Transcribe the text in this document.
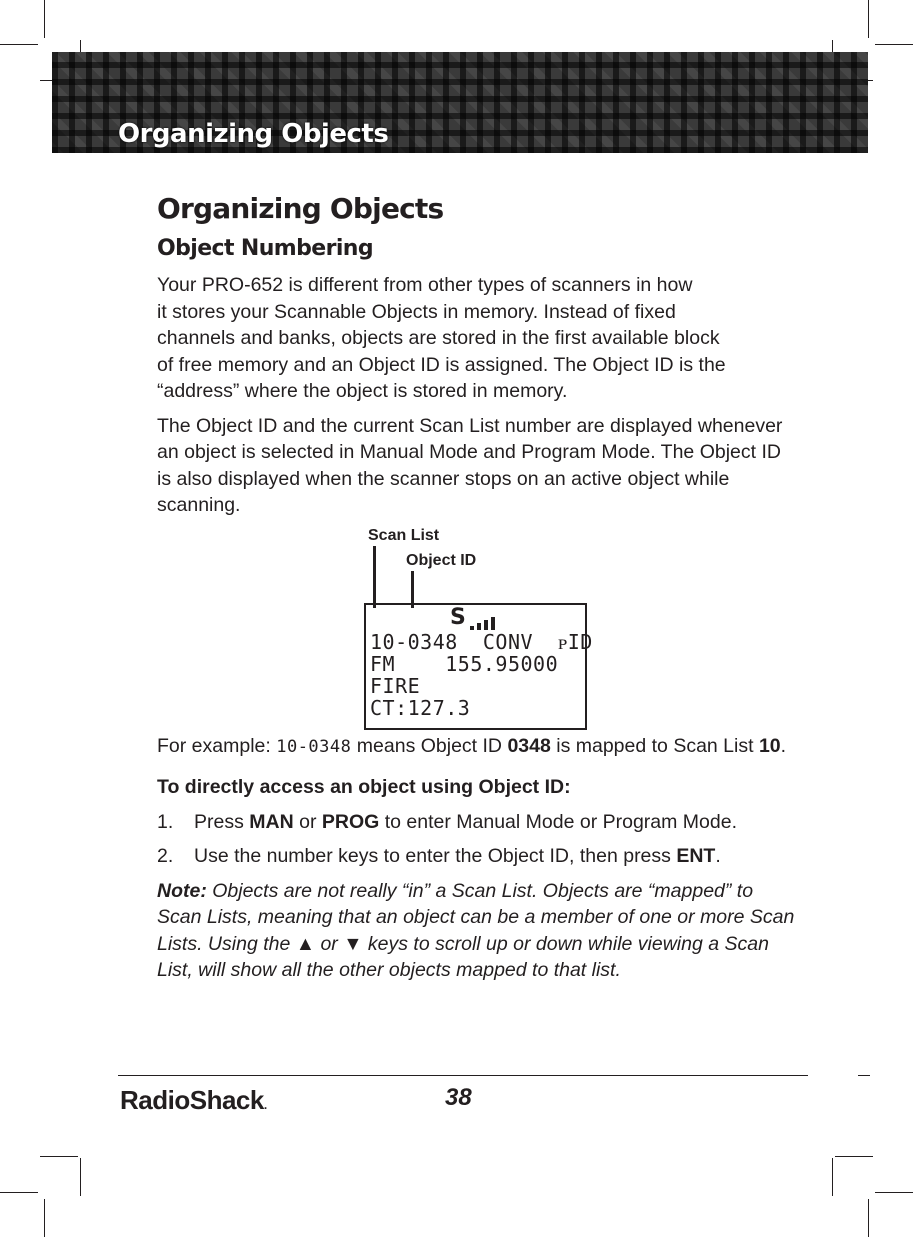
Organizing Objects
Organizing Objects
Object Numbering

Your PRO-652 is different from other types of scanners in how
it stores your Scannable Objects in memory. Instead of fixed
channels and banks, objects are stored in the first available block
of free memory and an Object ID is assigned. The Object ID is the
“address” where the object is stored in memory.

The Object ID and the current Scan List number are displayed whenever an object is selected in Manual Mode and Program Mode. The Object ID is also displayed when the scanner stops on an active object while scanning.

Scan List
Object ID
S
10-0348  CONV  ᴩID
FM    155.95000
FIRE
CT:127.3

For example: 10-0348 means Object ID 0348 is mapped to Scan List 10.

To directly access an object using Object ID:

1.	Press MAN or PROG to enter Manual Mode or Program Mode.
2.	Use the number keys to enter the Object ID, then press ENT.

Note: Objects are not really “in” a Scan List. Objects are “mapped” to Scan Lists, meaning that an object can be a member of one or more Scan Lists. Using the ▲ or ▼ keys to scroll up or down while viewing a Scan List, will show all the other objects mapped to that list.

RadioShack.	38
